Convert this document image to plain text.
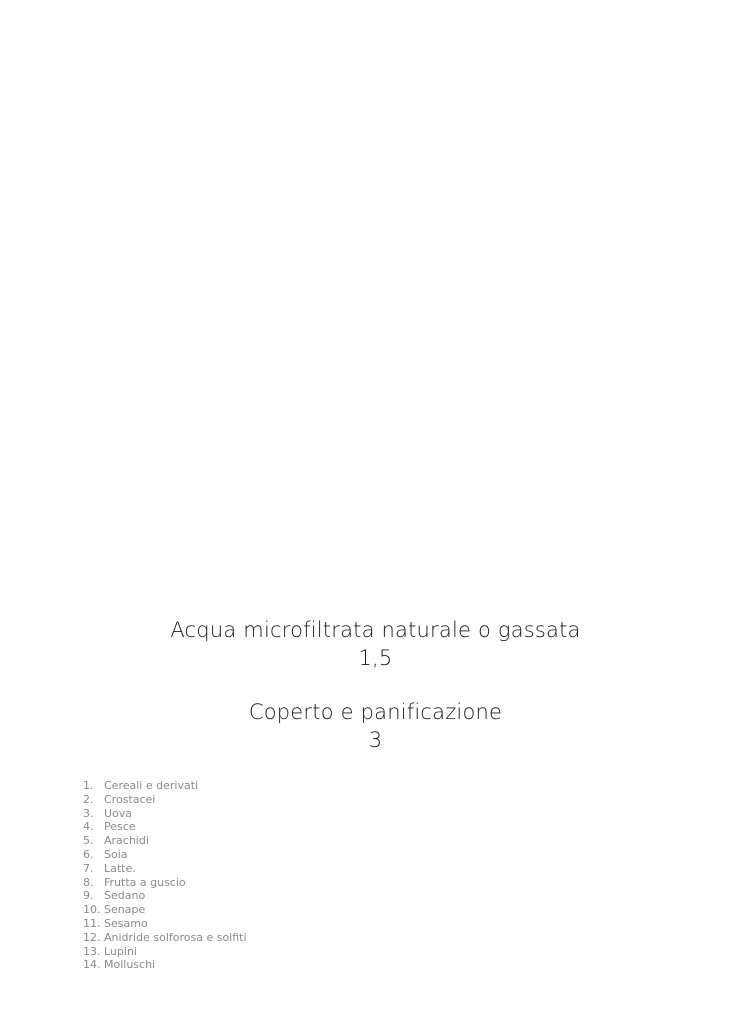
Acqua microfiltrata naturale o gassata
1,5
Coperto e panificazione
3
1. Cereali e derivati
2. Crostacei
3. Uova
4. Pesce
5. Arachidi
6. Soia
7. Latte.
8. Frutta a guscio
9. Sedano
10. Senape
11. Sesamo
12. Anidride solforosa e solfiti
13. Lupini
14. Molluschi
